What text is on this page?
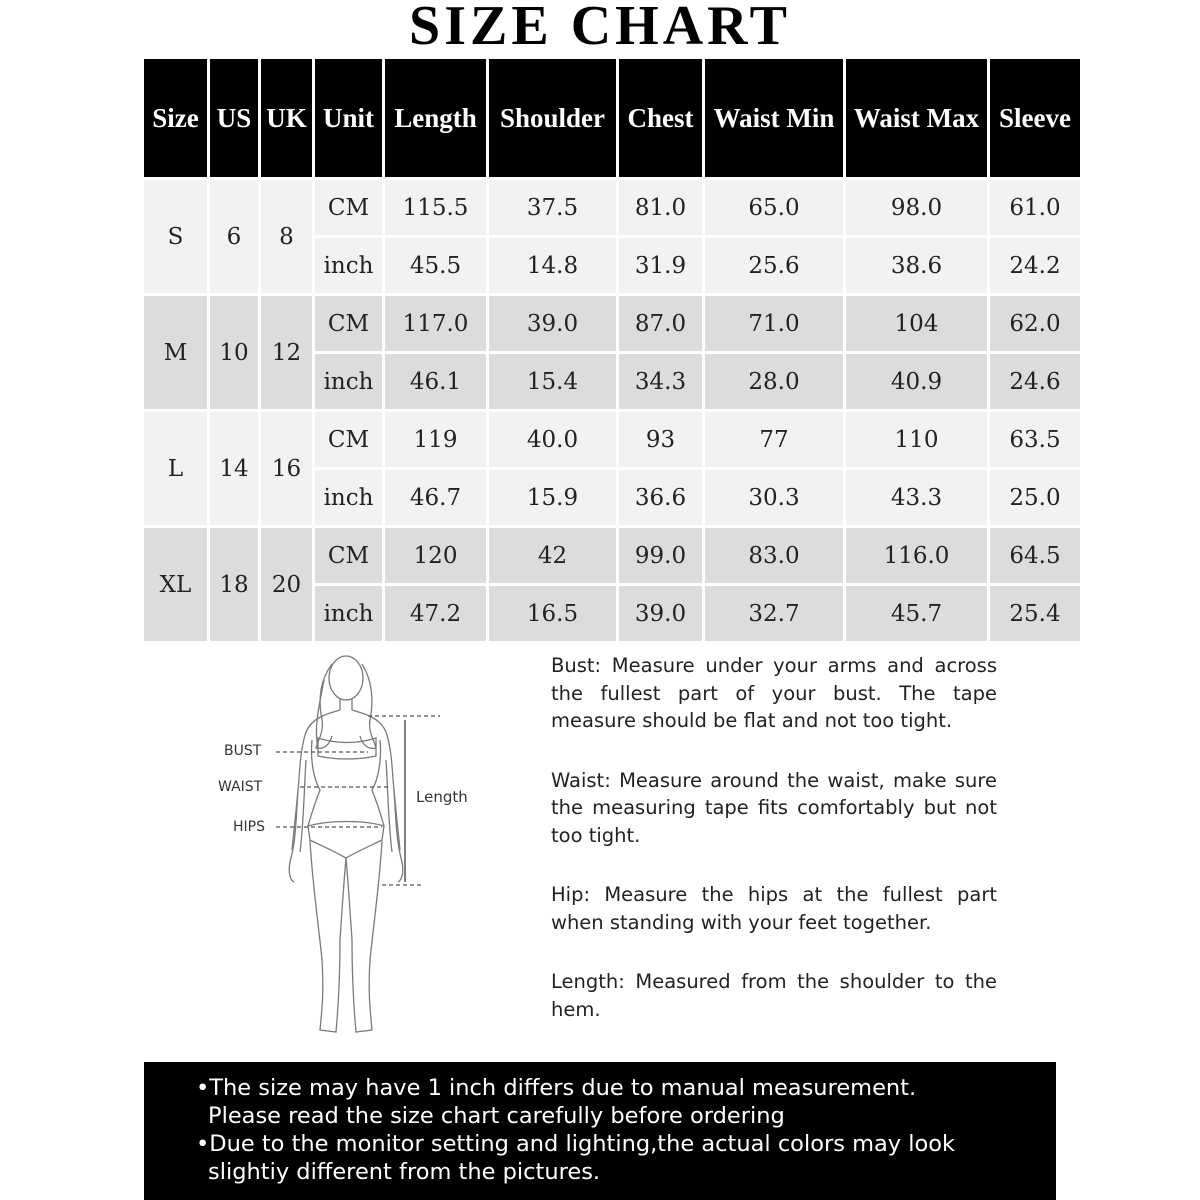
SIZE CHART
Size	US	UK	Unit	Length	Shoulder	Chest	Waist Min	Waist Max	Sleeve
S	6	8	CM	115.5	37.5	81.0	65.0	98.0	61.0
			inch	45.5	14.8	31.9	25.6	38.6	24.2
M	10	12	CM	117.0	39.0	87.0	71.0	104	62.0
			inch	46.1	15.4	34.3	28.0	40.9	24.6
L	14	16	CM	119	40.0	93	77	110	63.5
			inch	46.7	15.9	36.6	30.3	43.3	25.0
XL	18	20	CM	120	42	99.0	83.0	116.0	64.5
			inch	47.2	16.5	39.0	32.7	45.7	25.4
BUST
WAIST
HIPS
Length

Bust: Measure under your arms and across the fullest part of your bust. The tape measure should be flat and not too tight.

Waist: Measure around the waist, make sure the measuring tape fits comfortably but not too tight.

Hip: Measure the hips at the fullest part when standing with your feet together.

Length: Measured from the shoulder to the hem.

•The size may have 1 inch differs due to manual measurement.
Please read the size chart carefully before ordering
•Due to the monitor setting and lighting,the actual colors may look
slightiy different from the pictures.
